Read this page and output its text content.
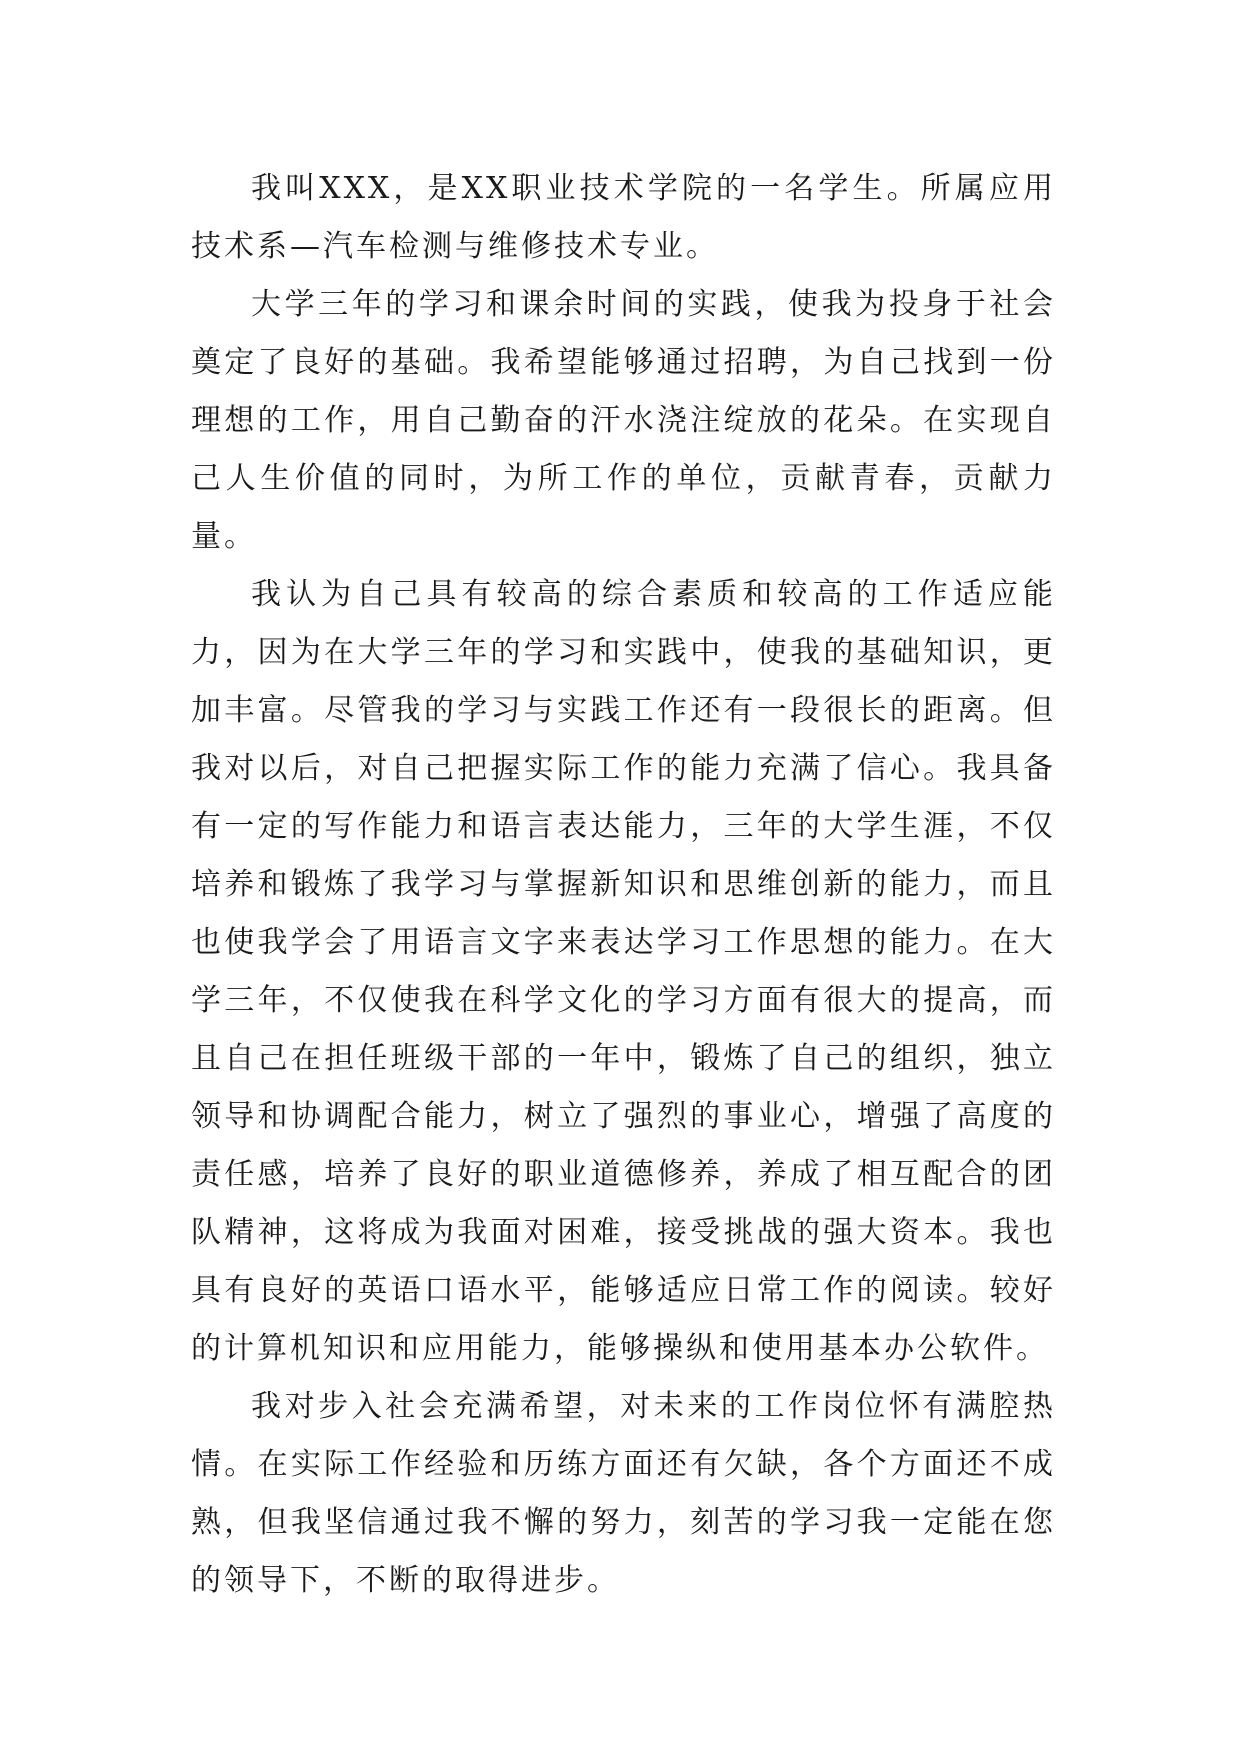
我叫XXX，是XX职业技术学院的一名学生。所属应用技术系—汽车检测与维修技术专业。

大学三年的学习和课余时间的实践，使我为投身于社会奠定了良好的基础。我希望能够通过招聘，为自己找到一份理想的工作，用自己勤奋的汗水浇注绽放的花朵。在实现自己人生价值的同时，为所工作的单位，贡献青春，贡献力量。

我认为自己具有较高的综合素质和较高的工作适应能力，因为在大学三年的学习和实践中，使我的基础知识，更加丰富。尽管我的学习与实践工作还有一段很长的距离。但我对以后，对自己把握实际工作的能力充满了信心。我具备有一定的写作能力和语言表达能力，三年的大学生涯，不仅培养和锻炼了我学习与掌握新知识和思维创新的能力，而且也使我学会了用语言文字来表达学习工作思想的能力。在大学三年，不仅使我在科学文化的学习方面有很大的提高，而且自己在担任班级干部的一年中，锻炼了自己的组织，独立领导和协调配合能力，树立了强烈的事业心，增强了高度的责任感，培养了良好的职业道德修养，养成了相互配合的团队精神，这将成为我面对困难，接受挑战的强大资本。我也具有良好的英语口语水平，能够适应日常工作的阅读。较好的计算机知识和应用能力，能够操纵和使用基本办公软件。

我对步入社会充满希望，对未来的工作岗位怀有满腔热情。在实际工作经验和历练方面还有欠缺，各个方面还不成熟，但我坚信通过我不懈的努力，刻苦的学习我一定能在您的领导下，不断的取得进步。
